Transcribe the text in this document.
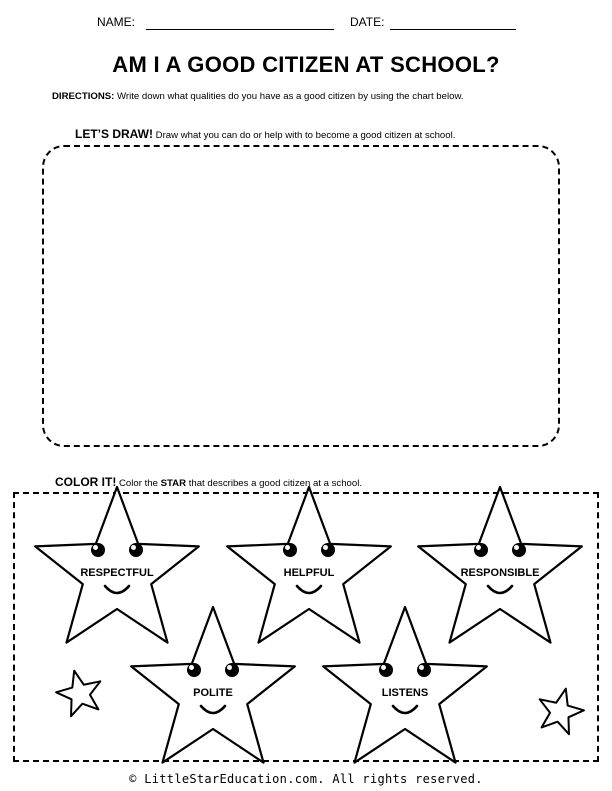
NAME:	DATE:
AM I A GOOD CITIZEN AT SCHOOL?
DIRECTIONS: Write down what qualities do you have as a good citizen by using the chart below.
LET’S DRAW! Draw what you can do or help with to become a good citizen at school.
COLOR IT! Color the STAR that describes a good citizen at a school.
RESPECTFUL	HELPFUL	RESPONSIBLE
POLITE	LISTENS
© LittleStarEducation.com. All rights reserved.
